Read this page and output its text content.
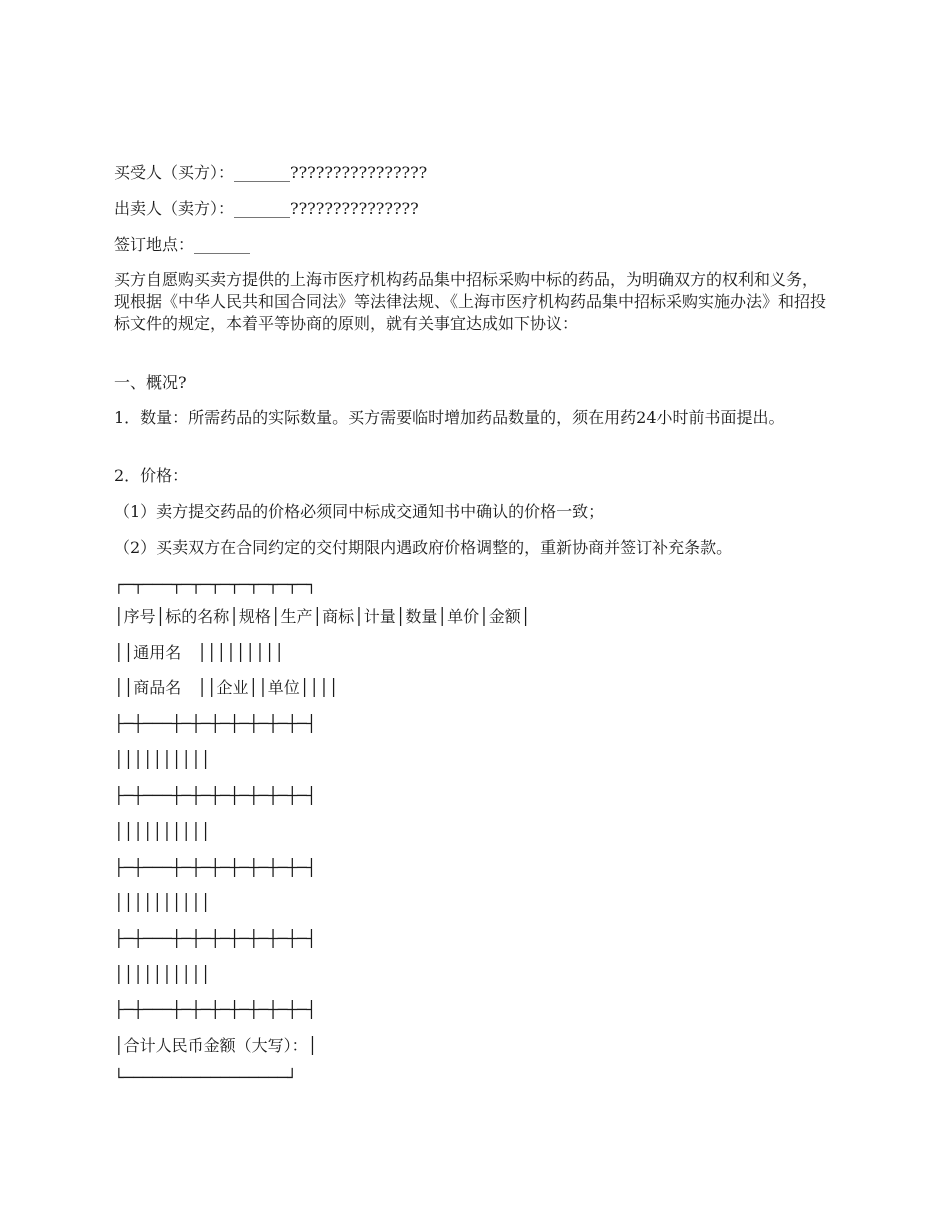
买受人（买方）：_______????????????????
出卖人（卖方）：_______???????????????
签订地点：_______
买方自愿购买卖方提供的上海市医疗机构药品集中招标采购中标的药品，为明确双方的权利和义务，现根据《中华人民共和国合同法》等法律法规、《上海市医疗机构药品集中招标采购实施办法》和招投标文件的规定，本着平等协商的原则，就有关事宜达成如下协议：
一、概况?
1．数量：所需药品的实际数量。买方需要临时增加药品数量的，须在用药24小时前书面提出。
2．价格：
（1）卖方提交药品的价格必须同中标成交通知书中确认的价格一致；
（2）买卖双方在合同约定的交付期限内遇政府价格调整的，重新协商并签订补充条款。
┌─┬───┬─┬─┬─┬─┬─┬─┬─┐
│序号│标的名称│规格│生产│商标│计量│数量│单价│金额│
││通用名　│││││││││
││商品名　││企业││单位││││
├─┼───┼─┼─┼─┼─┼─┼─┼─┤
││││││││││
├─┼───┼─┼─┼─┼─┼─┼─┼─┤
││││││││││
├─┼───┼─┼─┼─┼─┼─┼─┼─┤
││││││││││
├─┼───┼─┼─┼─┼─┼─┼─┼─┤
││││││││││
├─┼───┼─┼─┼─┼─┼─┼─┼─┤
│合计人民币金额（大写）：│
└─────────────────┘
